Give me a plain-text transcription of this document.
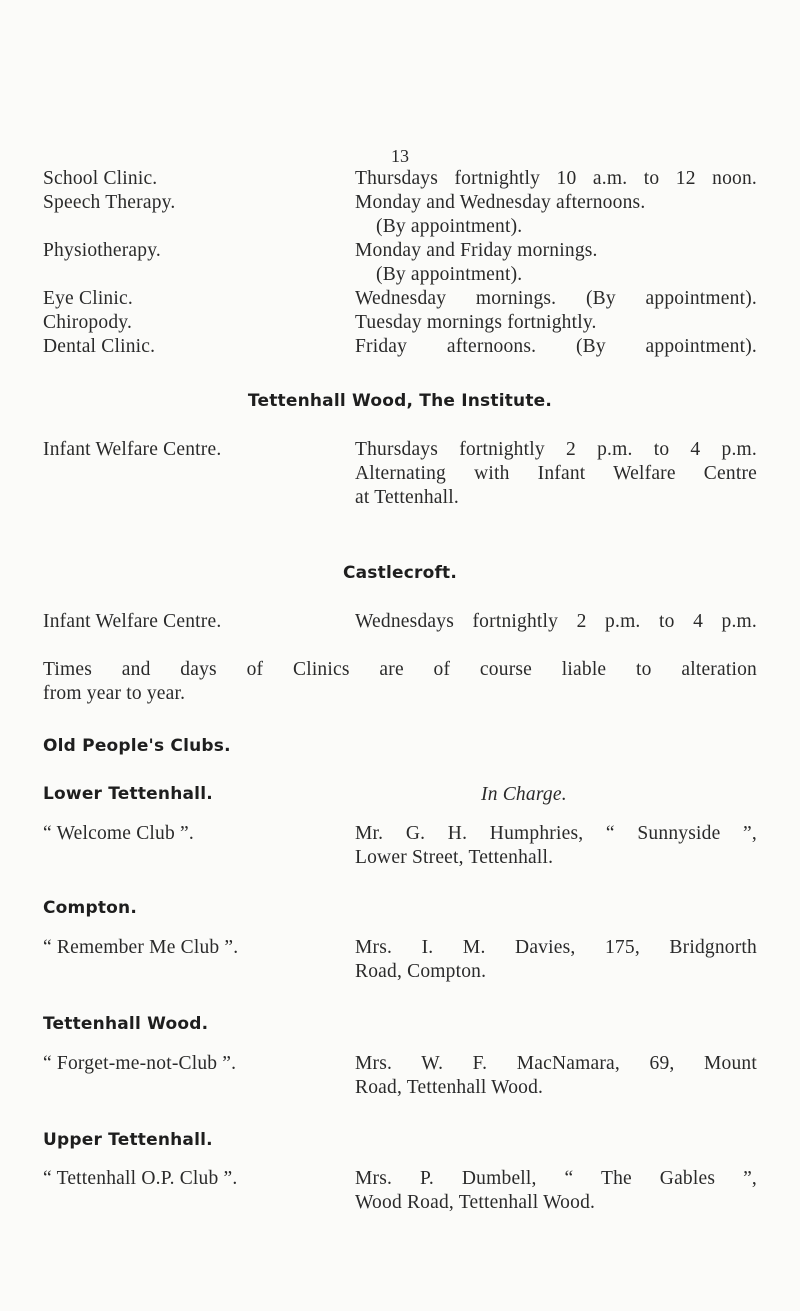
13
School Clinic.	Thursdays fortnightly 10 a.m. to 12 noon.
Speech Therapy.	Monday and Wednesday afternoons.
(By appointment).
Physiotherapy.	Monday and Friday mornings.
(By appointment).
Eye Clinic.	Wednesday mornings. (By appointment).
Chiropody.	Tuesday mornings fortnightly.
Dental Clinic.	Friday afternoons. (By appointment).
Tettenhall Wood, The Institute.
Infant Welfare Centre.	Thursdays fortnightly 2 p.m. to 4 p.m.
Alternating with Infant Welfare Centre
at Tettenhall.
Castlecroft.
Infant Welfare Centre.	Wednesdays fortnightly 2 p.m. to 4 p.m.
Times and days of Clinics are of course liable to alteration
from year to year.
Old People's Clubs.
In Charge.
Lower Tettenhall.
“ Welcome Club ”.	Mr. G. H. Humphries, “ Sunnyside ”,
Lower Street, Tettenhall.
Compton.
“ Remember Me Club ”.	Mrs. I. M. Davies, 175, Bridgnorth
Road, Compton.
Tettenhall Wood.
“ Forget-me-not-Club ”.	Mrs. W. F. MacNamara, 69, Mount
Road, Tettenhall Wood.
Upper Tettenhall.
“ Tettenhall O.P. Club ”.	Mrs. P. Dumbell, “ The Gables ”,
Wood Road, Tettenhall Wood.
